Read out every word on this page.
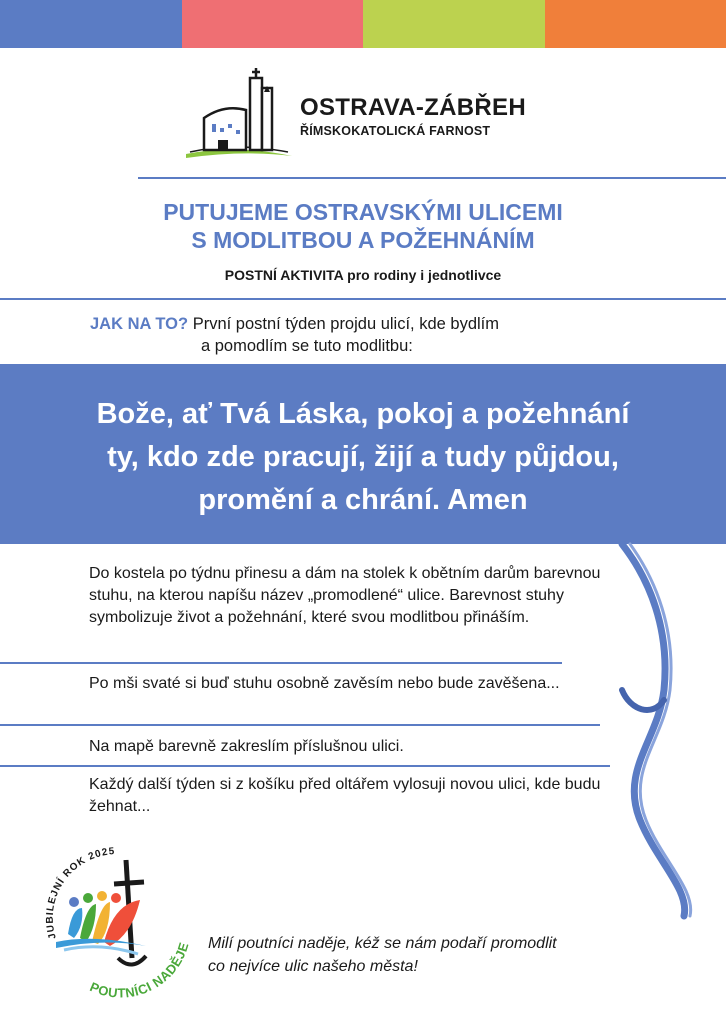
OSTRAVA-ZÁBŘEH
ŘÍMSKOKATOLICKÁ FARNOST
PUTUJEME OSTRAVSKÝMI ULICEMI
S MODLITBOU A POŽEHNÁNÍM
POSTNÍ AKTIVITA pro rodiny i jednotlivce
JAK NA TO? První postní týden projdu ulicí, kde bydlím
a pomodlím se tuto modlitbu:
Bože, ať Tvá Láska, pokoj a požehnání
ty, kdo zde pracují, žijí a tudy půjdou,
promění a chrání. Amen
Do kostela po týdnu přinesu a dám na stolek k obětním darům barevnou stuhu, na kterou napíšu název „promodlené“ ulice. Barevnost stuhy symbolizuje život a požehnání, které svou modlitbou přináším.
Po mši svaté si buď stuhu osobně zavěsím nebo bude zavěšena...
Na mapě barevně zakreslím příslušnou ulici.
Každý další týden si z košíku před oltářem vylosuji novou ulici, kde budu žehnat...
JUBILEJNÍ ROK 2025
POUTNÍCI NADĚJE Milí poutníci naděje, kéž se nám podaří promodlit
co nejvíce ulic našeho města!
